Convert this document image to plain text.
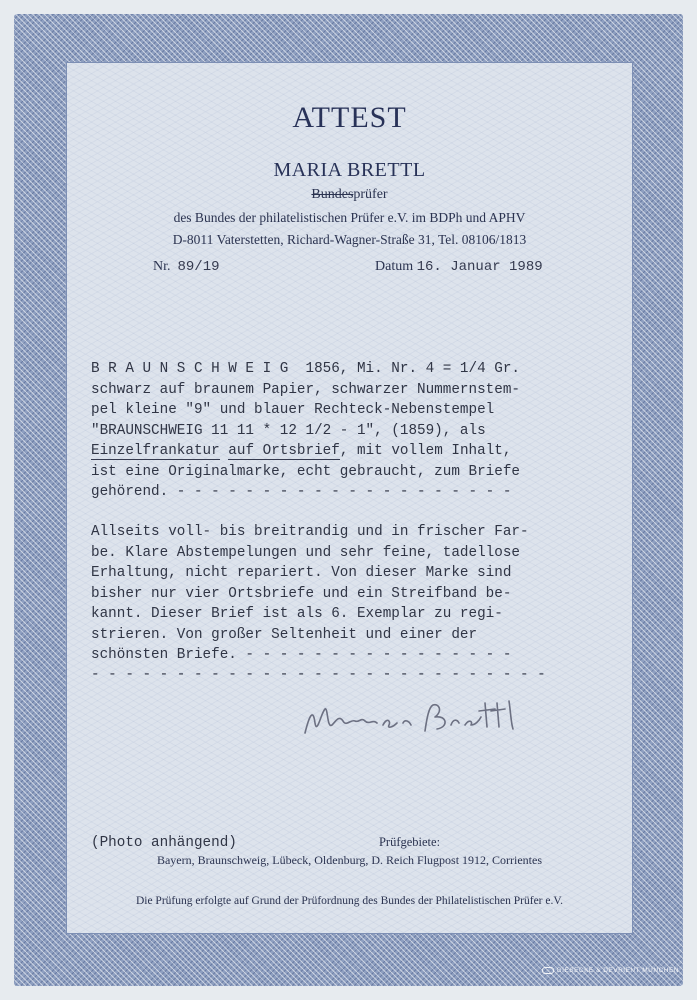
ATTEST
MARIA BRETTL
Bundesprüfer
des Bundes der philatelistischen Prüfer e.V. im BDPh und APHV
D-8011 Vaterstetten, Richard-Wagner-Straße 31, Tel. 08106/1813
Nr. 89/19	Datum 16. Januar 1989
B R A U N S C H W E I G  1856, Mi. Nr. 4 = 1/4 Gr.
schwarz auf braunem Papier, schwarzer Nummernstem-
pel kleine "9" und blauer Rechteck-Nebenstempel
"BRAUNSCHWEIG 11 11 * 12 1/2 - 1", (1859), als
Einzelfrankatur auf Ortsbrief, mit vollem Inhalt,
ist eine Originalmarke, echt gebraucht, zum Briefe
gehörend. - - - - - - - - - - - - - - - - - - - -
Allseits voll- bis breitrandig und in frischer Far-
be. Klare Abstempelungen und sehr feine, tadellose
Erhaltung, nicht repariert. Von dieser Marke sind
bisher nur vier Ortsbriefe und ein Streifband be-
kannt. Dieser Brief ist als 6. Exemplar zu regi-
strieren. Von großer Seltenheit und einer der
schönsten Briefe. - - - - - - - - - - - - - - - -
- - - - - - - - - - - - - - - - - - - - - - - - - - -
(Photo anhängend)	Prüfgebiete:
Bayern, Braunschweig, Lübeck, Oldenburg, D. Reich Flugpost 1912, Corrientes
Die Prüfung erfolgte auf Grund der Prüfordnung des Bundes der Philatelistischen Prüfer e.V.
GIESECKE & DEVRIENT MÜNCHEN
